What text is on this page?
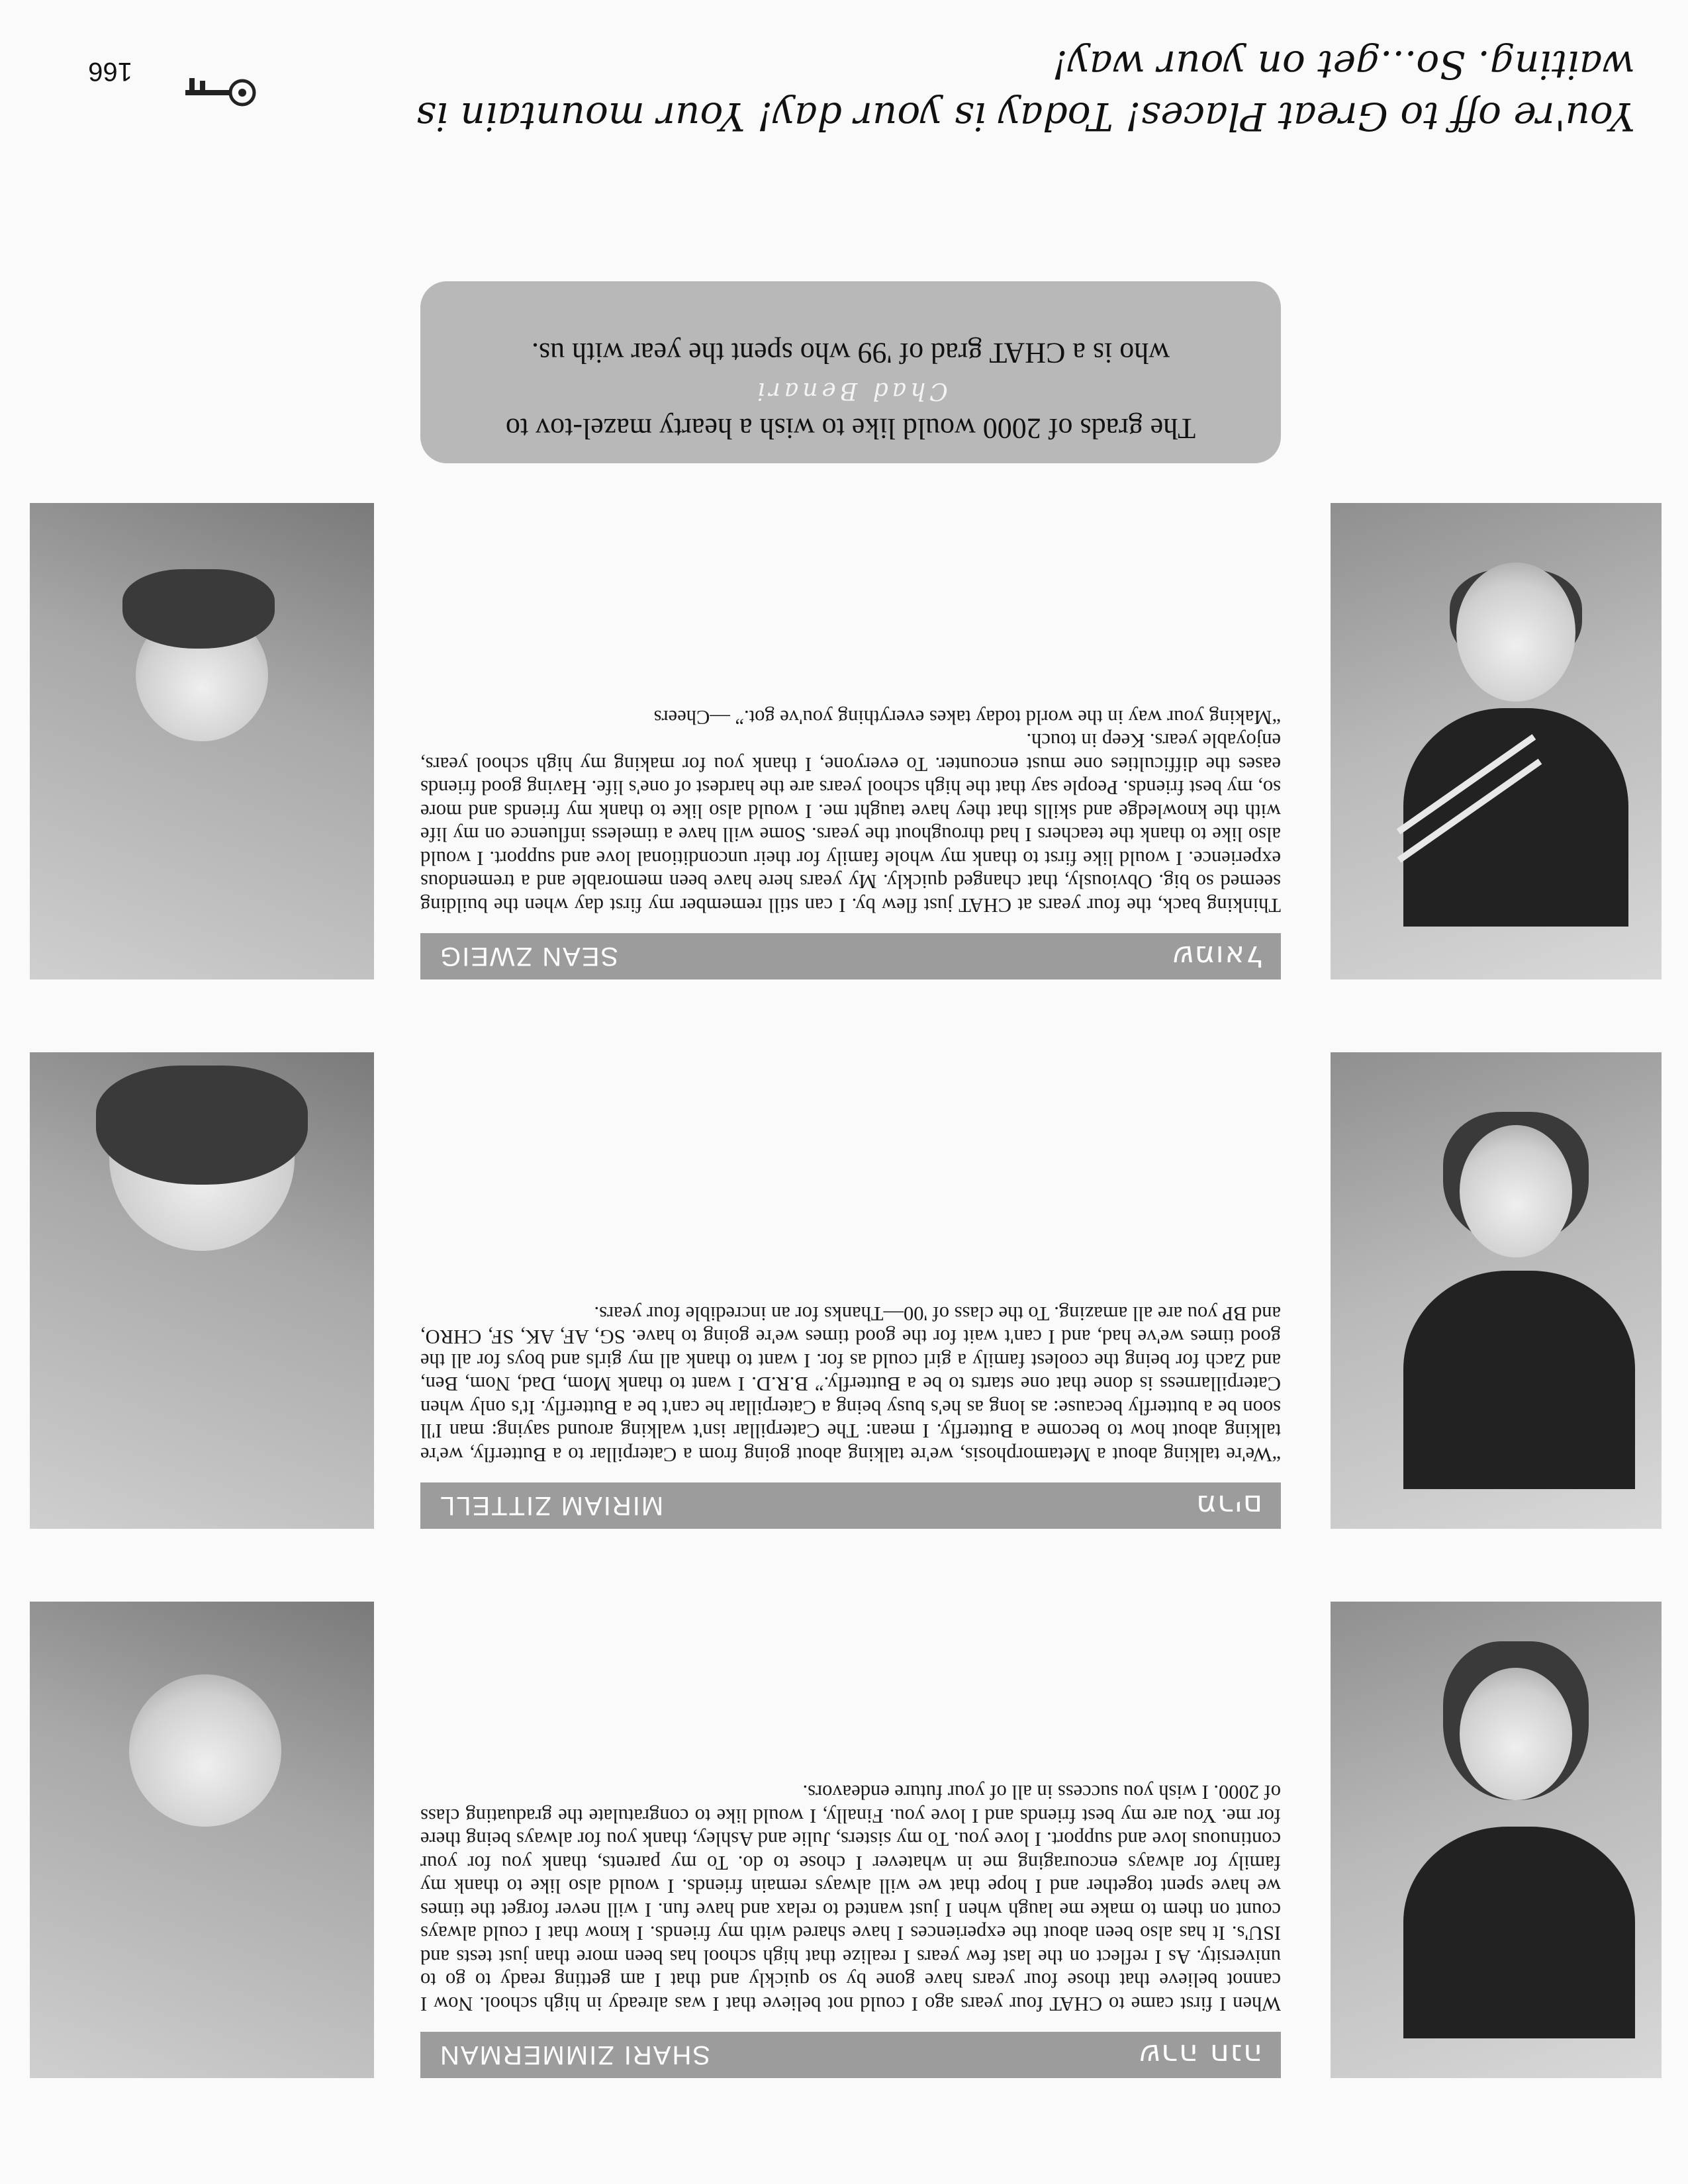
שמואל
SEAN ZWEIG

Thinking back, the four years at CHAT just flew by. I can still remember my first day when the building seemed so big. Obviously, that changed quickly. My years here have been memorable and a tremendous experience. I would like first to thank my whole family for their unconditional love and support. I would also like to thank the teachers I had throughout the years. Some will have a timeless influence on my life with the knowledge and skills that they have taught me. I would also like to thank my friends and more so, my best friends. People say that the high school years are the hardest of one's life. Having good friends eases the difficulties one must encounter. To everyone, I thank you for making my high school years, enjoyable years. Keep in touch.

“Making your way in the world today takes everything you've got.” —Cheers

The grads of 2000 would like to wish a hearty mazel-tov to
Chad Benari
who is a CHAT grad of '99 who spent the year with us.
You're off to Great Places! Today is your day! Your mountain is waiting. So...get on your way!
166
מרים
MIRIAM ZITTELL

“We're talking about a Metamorphosis, we're talking about going from a Caterpillar to a Butterfly, we're talking about how to become a Butterfly. I mean: The Caterpillar isn't walking around saying: man I'll soon be a butterfly because: as long as he's busy being a Caterpillar he can't be a Butterfly. It's only when Caterpillarness is done that one starts to be a Butterfly.” B.R.D. I want to thank Mom, Dad, Nom, Ben, and Zach for being the coolest family a girl could as for. I want to thank all my girls and boys for all the good times we've had, and I can't wait for the good times we're going to have. SG, AF, AK, SF, CHRO, and BP you are all amazing. To the class of '00—Thanks for an incredible four years.

שרה חנה
SHARI ZIMMERMAN

When I first came to CHAT four years ago I could not believe that I was already in high school. Now I cannot believe that those four years have gone by so quickly and that I am getting ready to go to university. As I reflect on the last few years I realize that high school has been more than just tests and ISU's. It has also been about the experiences I have shared with my friends. I know that I could always count on them to make me laugh when I just wanted to relax and have fun. I will never forget the times we have spent together and I hope that we will always remain friends. I would also like to thank my family for always encouraging me in whatever I chose to do. To my parents, thank you for your continuous love and support. I love you. To my sisters, Julie and Ashley, thank you for always being there for me. You are my best friends and I love you. Finally, I would like to congratulate the graduating class of 2000. I wish you success in all of your future endeavors.
